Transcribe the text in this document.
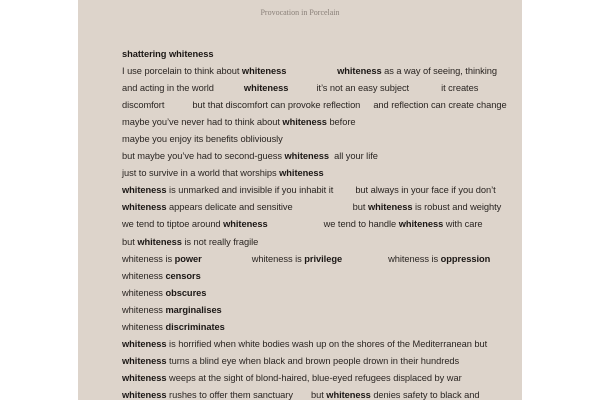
Provocation in Porcelain
shattering whiteness
I use porcelain to think about whiteness	whiteness as a way of seeing, thinking
and acting in the world	whiteness	it’s not an easy subject	it creates
discomfort	but that discomfort can provoke reflection and reflection can create change
maybe you’ve never had to think about whiteness before
maybe you enjoy its benefits obliviously
but maybe you’ve had to second-guess whiteness  all your life
just to survive in a world that worships whiteness
whiteness is unmarked and invisible if you inhabit it but always in your face if you don’t
whiteness appears delicate and sensitive	but whiteness is robust and weighty
we tend to tiptoe around whiteness	we tend to handle whiteness with care
but whiteness is not really fragile
whiteness is power	whiteness is privilege	whiteness is oppression
whiteness censors
whiteness obscures
whiteness marginalises
whiteness discriminates
whiteness is horrified when white bodies wash up on the shores of the Mediterranean but
whiteness turns a blind eye when black and brown people drown in their hundreds
whiteness weeps at the sight of blond-haired, blue-eyed refugees displaced by war
whiteness rushes to offer them sanctuary but whiteness denies safety to black and
